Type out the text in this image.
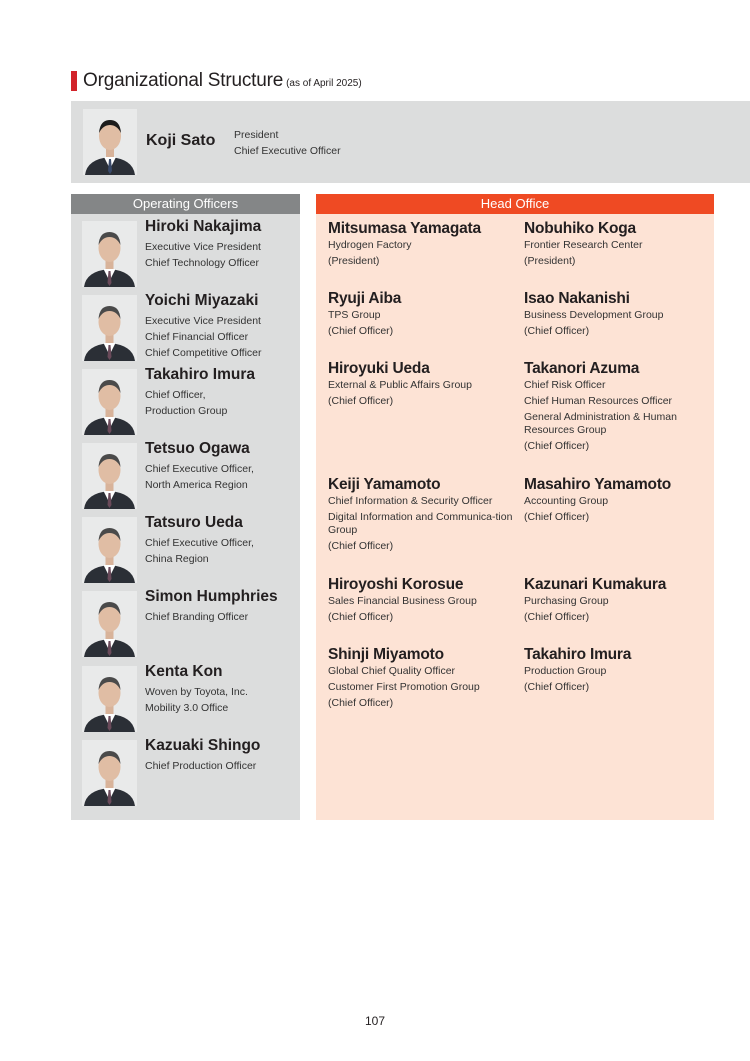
Organizational Structure (as of April 2025)
Koji Sato President
Chief Executive Officer
Operating Officers
Hiroki Nakajima
Executive Vice President
Chief Technology Officer
Yoichi Miyazaki
Executive Vice President
Chief Financial Officer
Chief Competitive Officer
Takahiro Imura
Chief Officer,
Production Group
Tetsuo Ogawa
Chief Executive Officer,
North America Region
Tatsuro Ueda
Chief Executive Officer,
China Region
Simon Humphries
Chief Branding Officer
Kenta Kon
Woven by Toyota, Inc.
Mobility 3.0 Office
Kazuaki Shingo
Chief Production Officer
Head Office
Mitsumasa Yamagata
Hydrogen Factory
(President)
Nobuhiko Koga
Frontier Research Center
(President)
Ryuji Aiba
TPS Group
(Chief Officer)
Isao Nakanishi
Business Development Group
(Chief Officer)
Hiroyuki Ueda
External & Public Affairs Group
(Chief Officer)
Takanori Azuma
Chief Risk Officer
Chief Human Resources Officer
General Administration & Human Resources Group
(Chief Officer)
Keiji Yamamoto
Chief Information & Security Officer
Digital Information and Communica-tion Group
(Chief Officer)
Masahiro Yamamoto
Accounting Group
(Chief Officer)
Hiroyoshi Korosue
Sales Financial Business Group
(Chief Officer)
Kazunari Kumakura
Purchasing Group
(Chief Officer)
Shinji Miyamoto
Global Chief Quality Officer
Customer First Promotion Group
(Chief Officer)
Takahiro Imura
Production Group
(Chief Officer)
107
